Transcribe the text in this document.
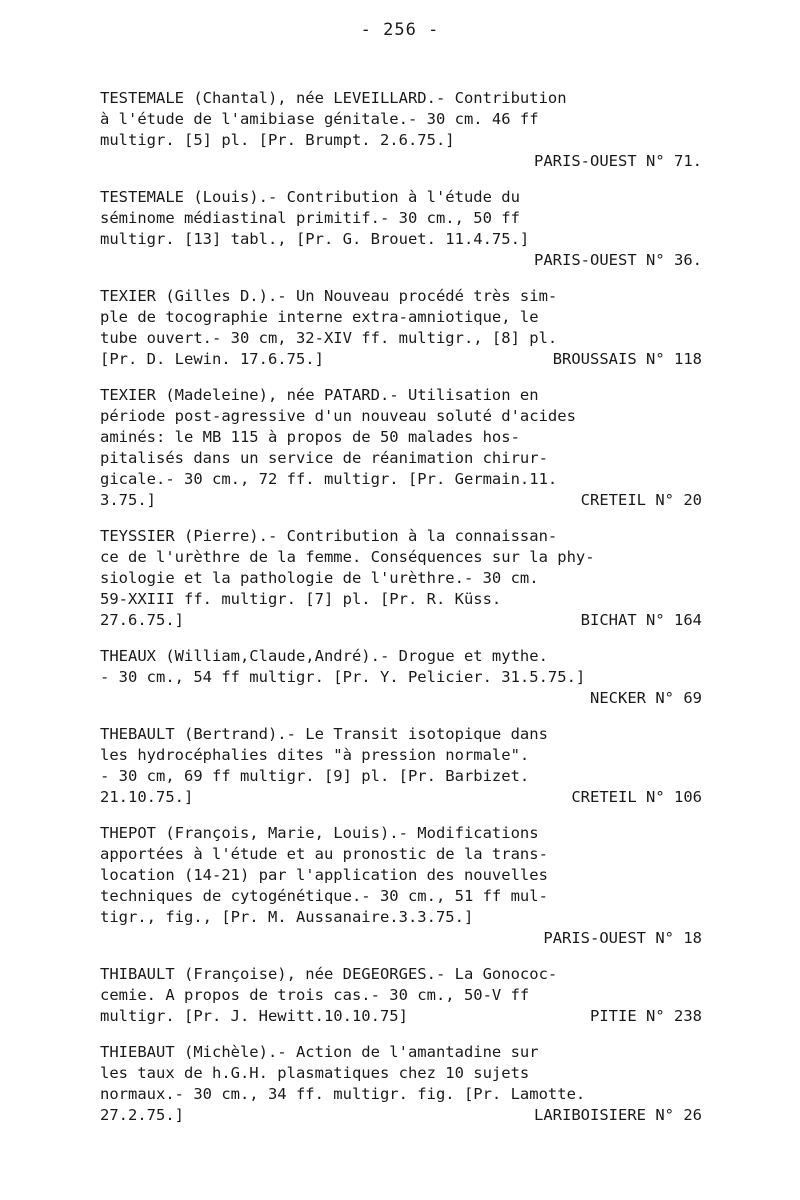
- 256 -
TESTEMALE (Chantal), née LEVEILLARD.- Contribution
à l'étude de l'amibiase génitale.- 30 cm. 46 ff
multigr. [5] pl. [Pr. Brumpt. 2.6.75.]
PARIS-OUEST N° 71.
TESTEMALE (Louis).- Contribution à l'étude du
séminome médiastinal primitif.- 30 cm., 50 ff
multigr. [13] tabl., [Pr. G. Brouet. 11.4.75.]
PARIS-OUEST N° 36.
TEXIER (Gilles D.).- Un Nouveau procédé très sim-
ple de tocographie interne extra-amniotique, le
tube ouvert.- 30 cm, 32-XIV ff. multigr., [8] pl.
[Pr. D. Lewin. 17.6.75.]	BROUSSAIS N° 118
TEXIER (Madeleine), née PATARD.- Utilisation en
période post-agressive d'un nouveau soluté d'acides
aminés: le MB 115 à propos de 50 malades hos-
pitalisés dans un service de réanimation chirur-
gicale.- 30 cm., 72 ff. multigr. [Pr. Germain.11.
3.75.]	CRETEIL N° 20
TEYSSIER (Pierre).- Contribution à la connaissan-
ce de l'urèthre de la femme. Conséquences sur la phy-
siologie et la pathologie de l'urèthre.- 30 cm.
59-XXIII ff. multigr. [7] pl. [Pr. R. Küss.
27.6.75.]	BICHAT N° 164
THEAUX (William,Claude,André).- Drogue et mythe.
- 30 cm., 54 ff multigr. [Pr. Y. Pelicier. 31.5.75.]
NECKER N° 69
THEBAULT (Bertrand).- Le Transit isotopique dans
les hydrocéphalies dites "à pression normale".
- 30 cm, 69 ff multigr. [9] pl. [Pr. Barbizet.
21.10.75.]	CRETEIL N° 106
THEPOT (François, Marie, Louis).- Modifications
apportées à l'étude et au pronostic de la trans-
location (14-21) par l'application des nouvelles
techniques de cytogénétique.- 30 cm., 51 ff mul-
tigr., fig., [Pr. M. Aussanaire.3.3.75.]
PARIS-OUEST N° 18
THIBAULT (Françoise), née DEGEORGES.- La Gonococ-
cemie. A propos de trois cas.- 30 cm., 50-V ff
multigr. [Pr. J. Hewitt.10.10.75]	PITIE N° 238
THIEBAUT (Michèle).- Action de l'amantadine sur
les taux de h.G.H. plasmatiques chez 10 sujets
normaux.- 30 cm., 34 ff. multigr. fig. [Pr. Lamotte.
27.2.75.]	LARIBOISIERE N° 26
